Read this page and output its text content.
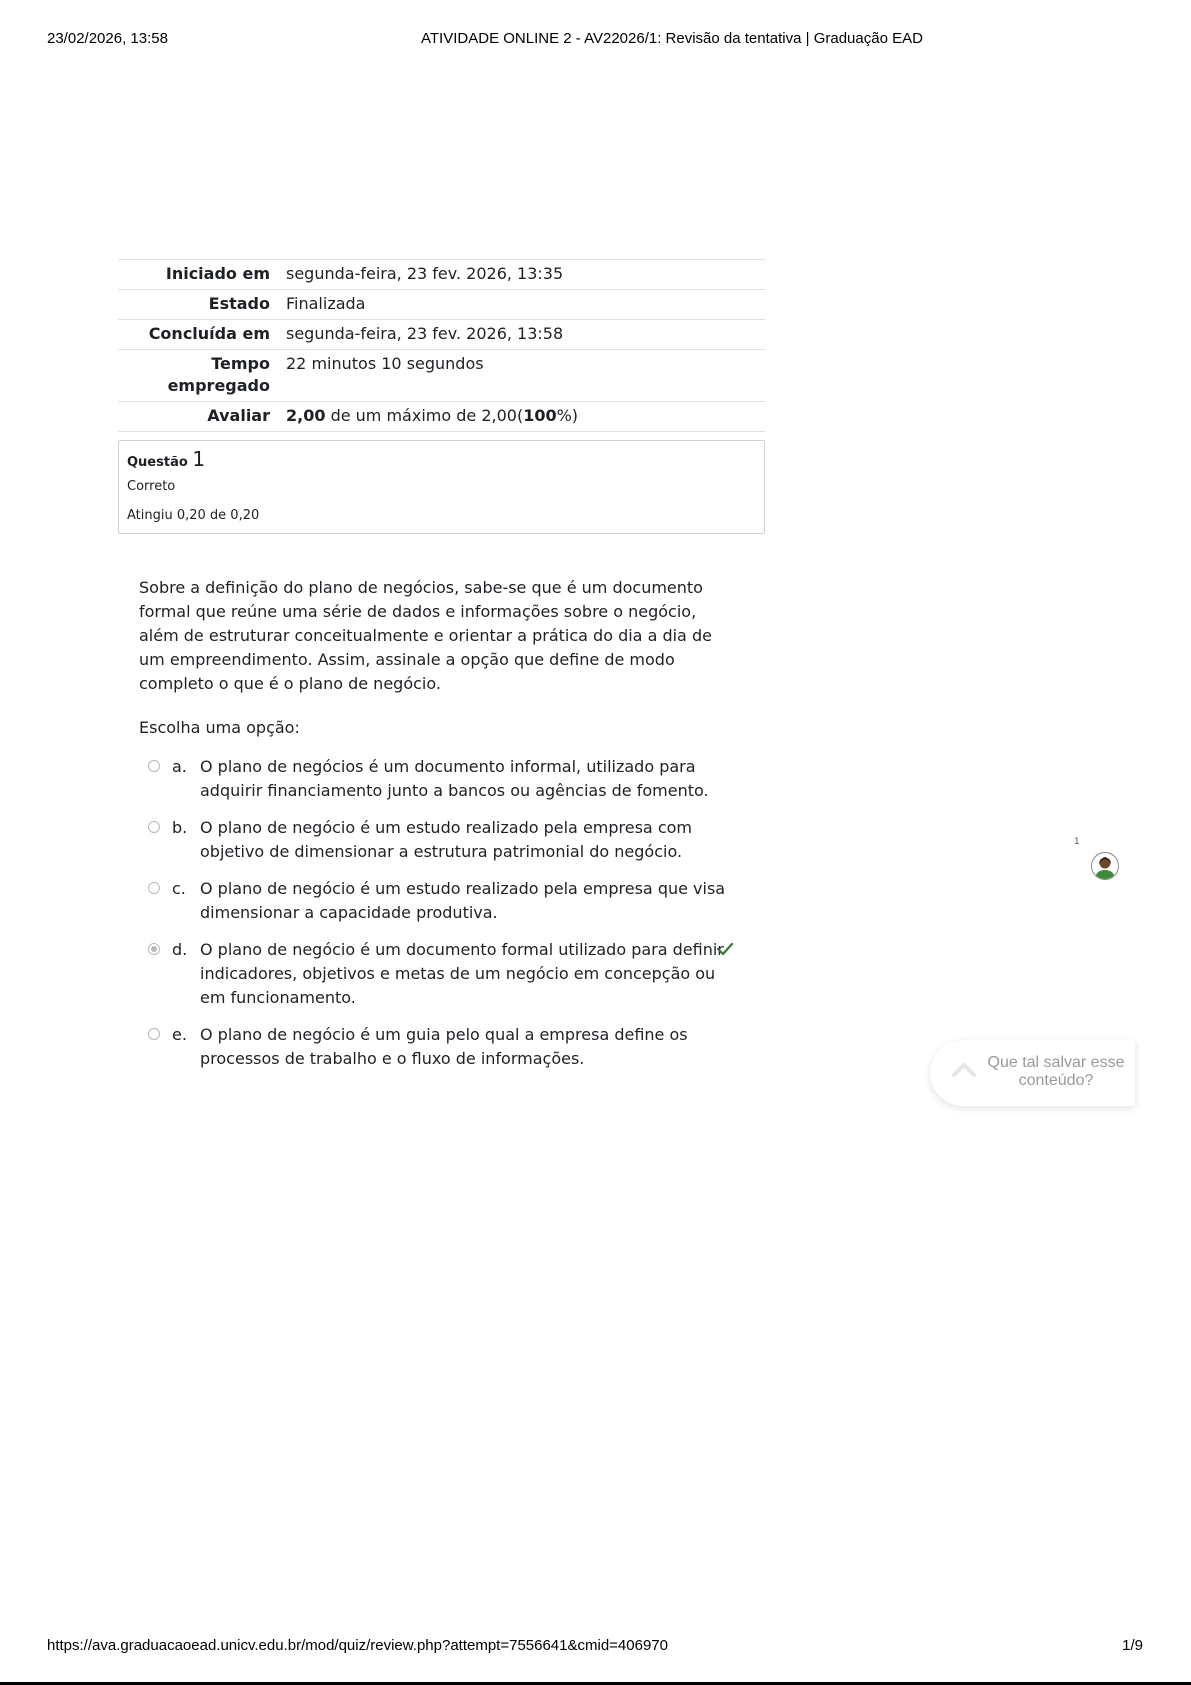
23/02/2026, 13:58	ATIVIDADE ONLINE 2 - AV22026/1: Revisão da tentativa | Graduação EAD
Iniciado em	segunda-feira, 23 fev. 2026, 13:35
Estado	Finalizada
Concluída em	segunda-feira, 23 fev. 2026, 13:58
Tempo empregado	22 minutos 10 segundos
Avaliar	2,00 de um máximo de 2,00(100%)
Questão 1
Correto
Atingiu 0,20 de 0,20

Sobre a definição do plano de negócios, sabe-se que é um documento formal que reúne uma série de dados e informações sobre o negócio, além de estruturar conceitualmente e orientar a prática do dia a dia de um empreendimento. Assim, assinale a opção que define de modo completo o que é o plano de negócio.

Escolha uma opção:

a. O plano de negócios é um documento informal, utilizado para adquirir financiamento junto a bancos ou agências de fomento.
b. O plano de negócio é um estudo realizado pela empresa com objetivo de dimensionar a estrutura patrimonial do negócio.
c. O plano de negócio é um estudo realizado pela empresa que visa dimensionar a capacidade produtiva.
d. O plano de negócio é um documento formal utilizado para definir indicadores, objetivos e metas de um negócio em concepção ou em funcionamento.
e. O plano de negócio é um guia pelo qual a empresa define os processos de trabalho e o fluxo de informações.
1
Que tal salvar esse conteúdo?
https://ava.graduacaoead.unicv.edu.br/mod/quiz/review.php?attempt=7556641&cmid=406970	1/9
